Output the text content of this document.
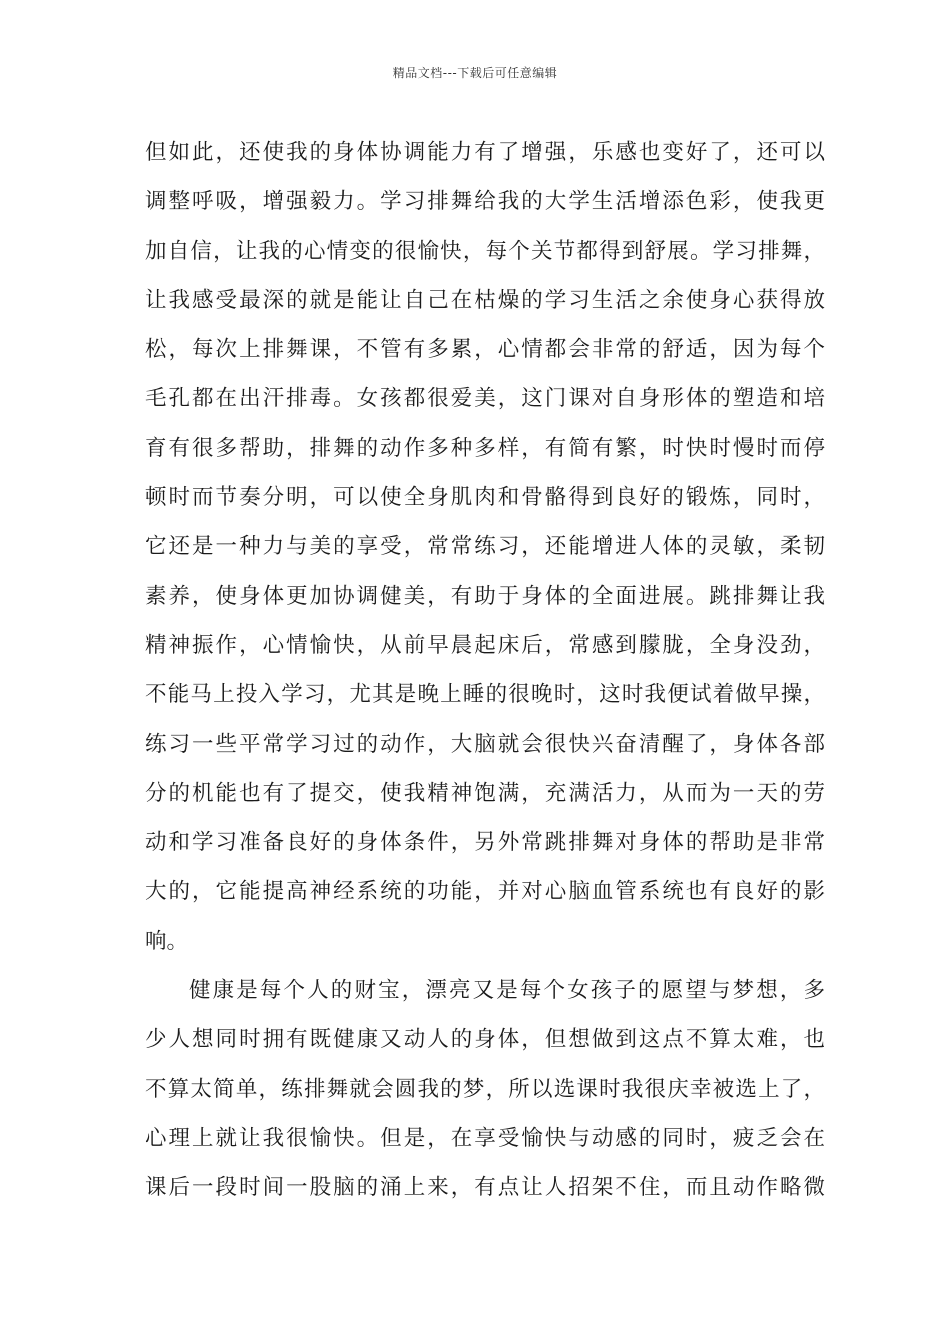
精品文档---下载后可任意编辑
但如此，还使我的身体协调能力有了增强，乐感也变好了，还可以
调整呼吸，增强毅力。学习排舞给我的大学生活增添色彩，使我更
加自信，让我的心情变的很愉快，每个关节都得到舒展。学习排舞，
让我感受最深的就是能让自己在枯燥的学习生活之余使身心获得放
松，每次上排舞课，不管有多累，心情都会非常的舒适，因为每个
毛孔都在出汗排毒。女孩都很爱美，这门课对自身形体的塑造和培
育有很多帮助，排舞的动作多种多样，有简有繁，时快时慢时而停
顿时而节奏分明，可以使全身肌肉和骨骼得到良好的锻炼，同时，
它还是一种力与美的享受，常常练习，还能增进人体的灵敏，柔韧
素养，使身体更加协调健美，有助于身体的全面进展。跳排舞让我
精神振作，心情愉快，从前早晨起床后，常感到朦胧，全身没劲，
不能马上投入学习，尤其是晚上睡的很晚时，这时我便试着做早操，
练习一些平常学习过的动作，大脑就会很快兴奋清醒了，身体各部
分的机能也有了提交，使我精神饱满，充满活力，从而为一天的劳
动和学习准备良好的身体条件，另外常跳排舞对身体的帮助是非常
大的，它能提高神经系统的功能，并对心脑血管系统也有良好的影
响。
健康是每个人的财宝，漂亮又是每个女孩子的愿望与梦想，多
少人想同时拥有既健康又动人的身体，但想做到这点不算太难，也
不算太简单，练排舞就会圆我的梦，所以选课时我很庆幸被选上了，
心理上就让我很愉快。但是，在享受愉快与动感的同时，疲乏会在
课后一段时间一股脑的涌上来，有点让人招架不住，而且动作略微
